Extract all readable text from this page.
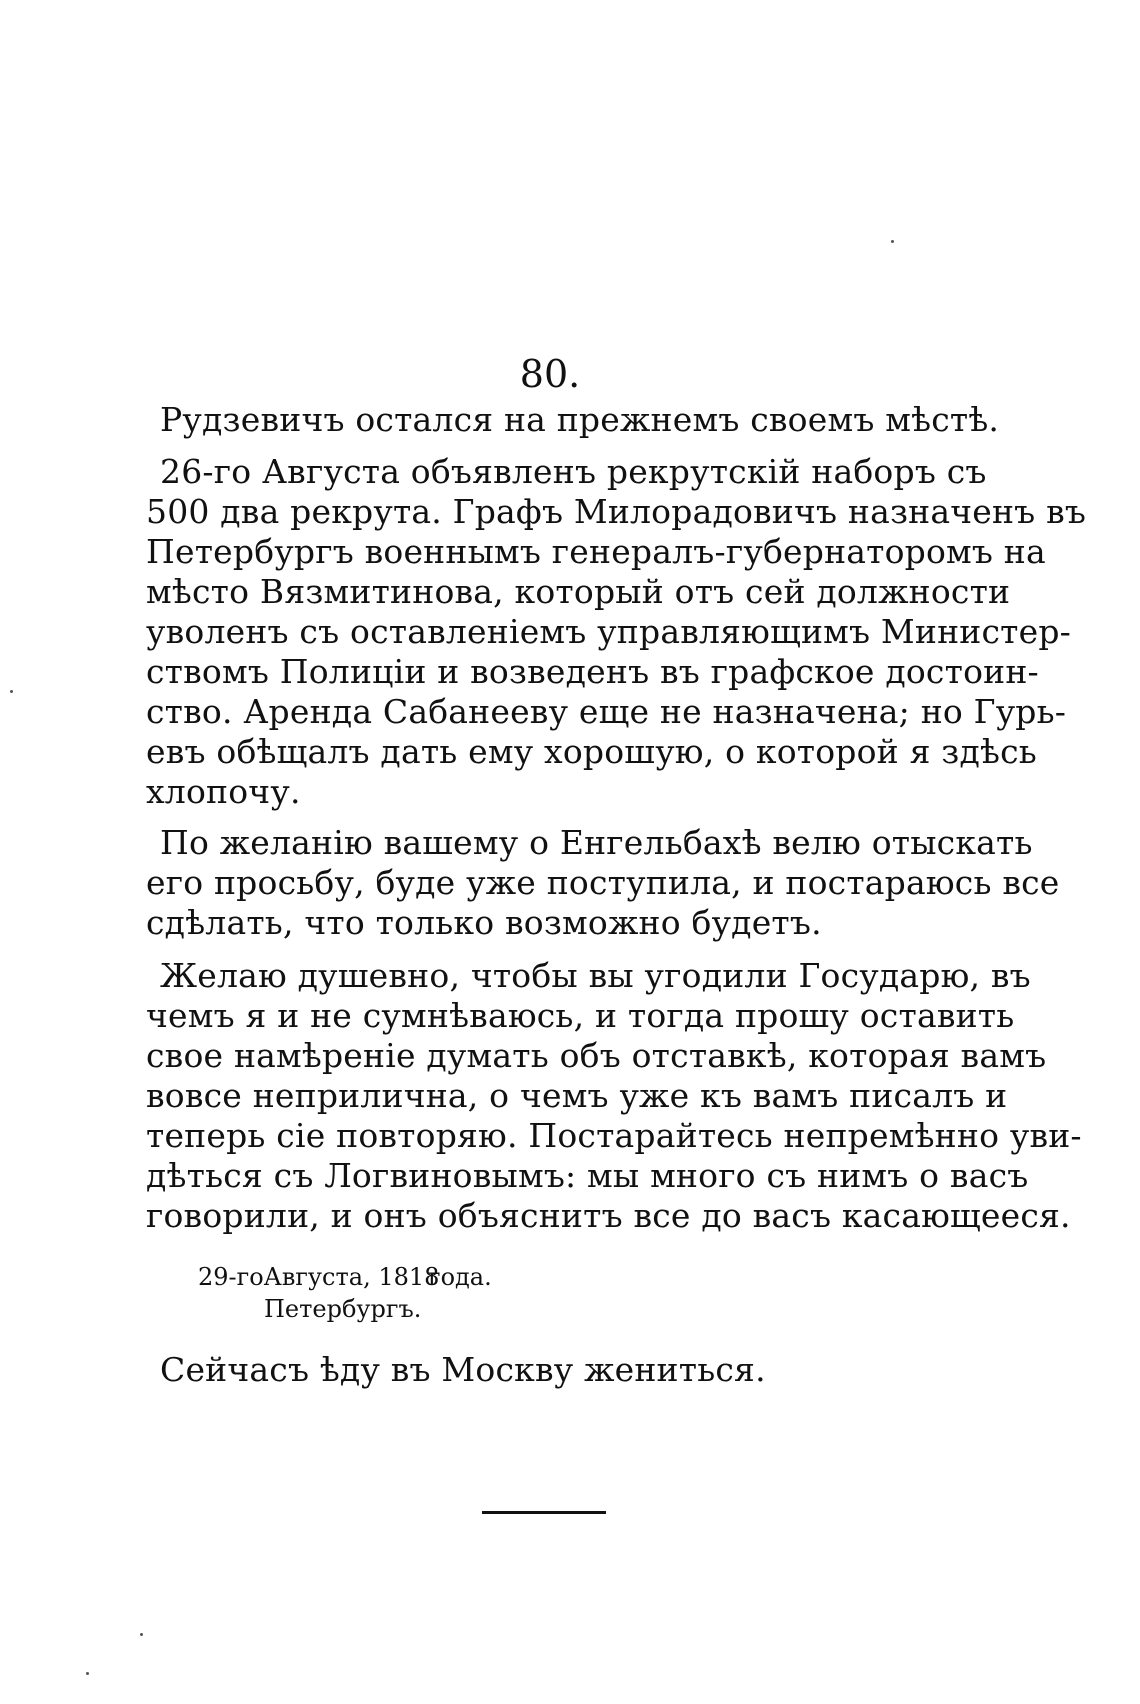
80.
Рудзевичъ остался на прежнемъ своемъ мѣстѣ.
26-го Августа объявленъ рекрутскій наборъ съ
500 два рекрута. Графъ Милорадовичъ назначенъ въ
Петербургъ военнымъ генералъ-губернаторомъ на
мѣсто Вязмитинова, который отъ сей должности
уволенъ съ оставленіемъ управляющимъ Министер-
ствомъ Полиціи и возведенъ въ графское достоин-
ство. Аренда Сабанееву еще не назначена; но Гурь-
евъ обѣщалъ дать ему хорошую, о которой я здѣсь
хлопочу.
По желанію вашему о Енгельбахѣ велю отыскать
его просьбу, буде уже поступила, и постараюсь все
сдѣлать, что только возможно будетъ.
Желаю душевно, чтобы вы угодили Государю, въ
чемъ я и не сумнѣваюсь, и тогда прошу оставить
свое намѣреніе думать объ отставкѣ, которая вамъ
вовсе неприлична, о чемъ уже къ вамъ писалъ и
теперь сіе повторяю. Постарайтесь непремѣнно уви-
дѣться съ Логвиновымъ: мы много съ нимъ о васъ
говорили, и онъ объяснитъ все до васъ касающееся.
29-гоАвгуста, 1818
года.
Петербургъ.
Сейчасъ ѣду въ Москву жениться.
